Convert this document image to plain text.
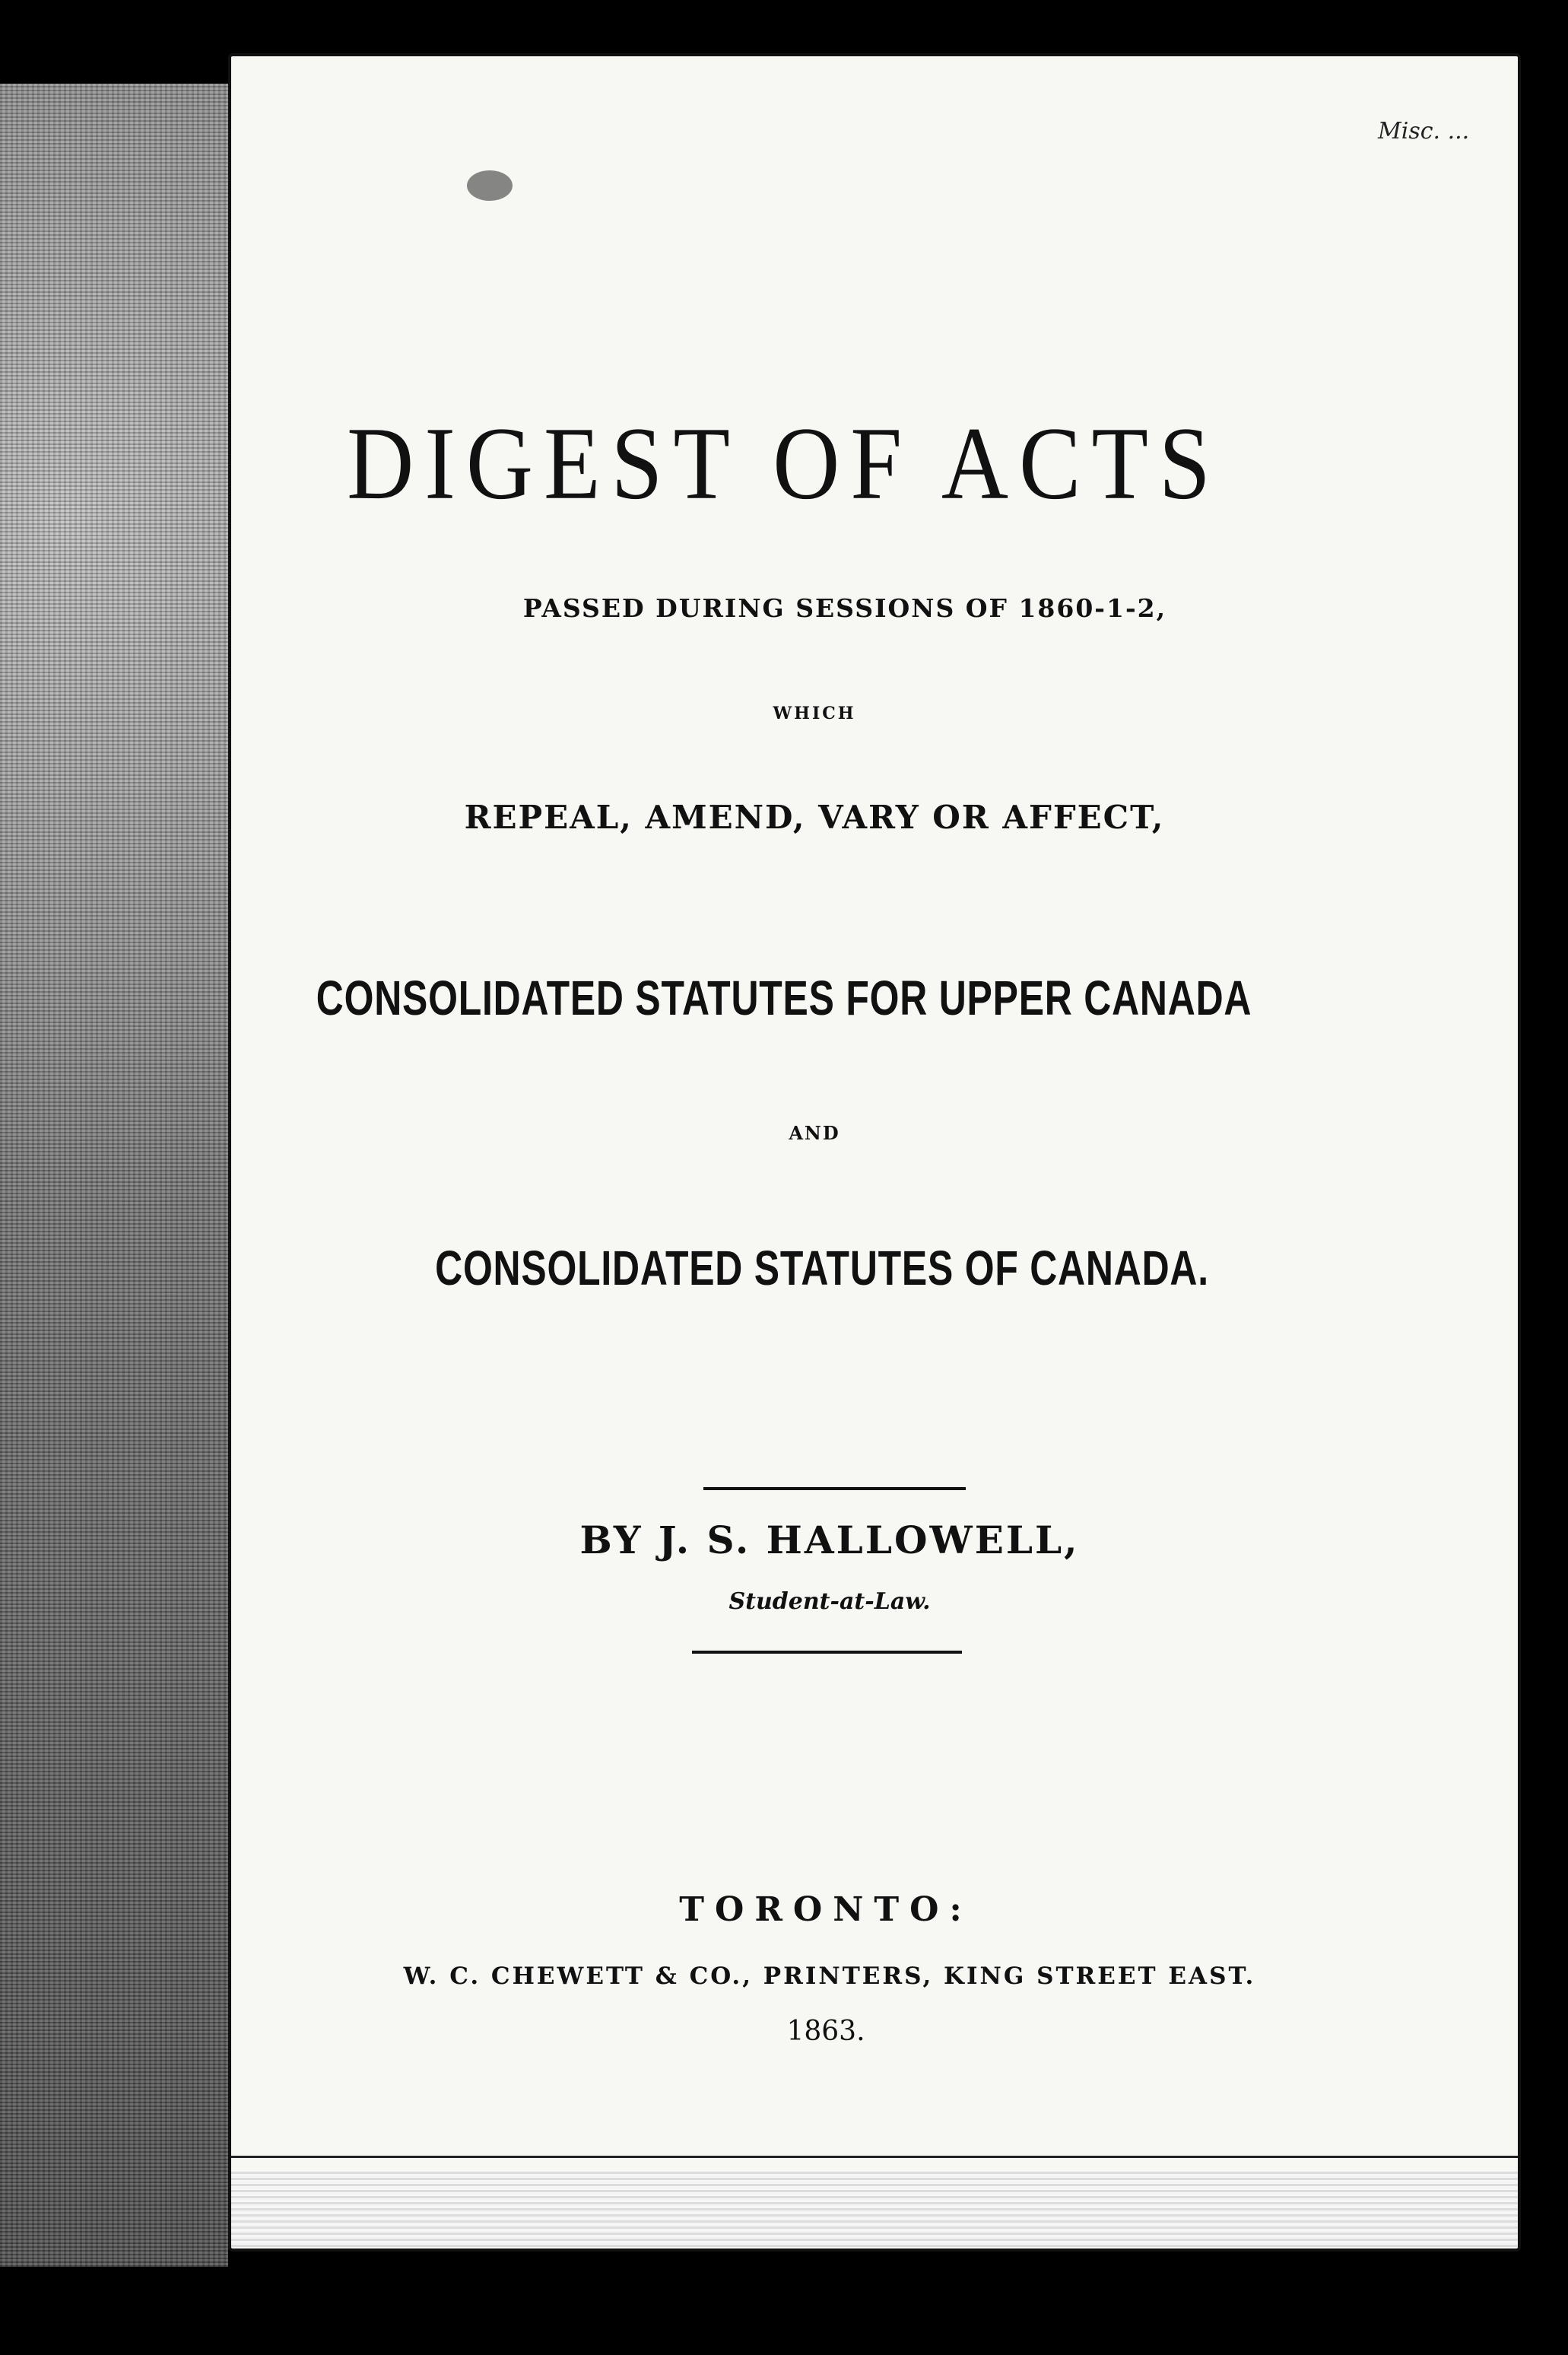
Misc. ...
DIGEST OF ACTS
PASSED DURING SESSIONS OF 1860-1-2,
WHICH
REPEAL, AMEND, VARY OR AFFECT,
CONSOLIDATED STATUTES FOR UPPER CANADA
AND
CONSOLIDATED STATUTES OF CANADA.
BY J. S. HALLOWELL,
Student-at-Law.
TORONTO:
W. C. CHEWETT & CO., PRINTERS, KING STREET EAST.
1863.
